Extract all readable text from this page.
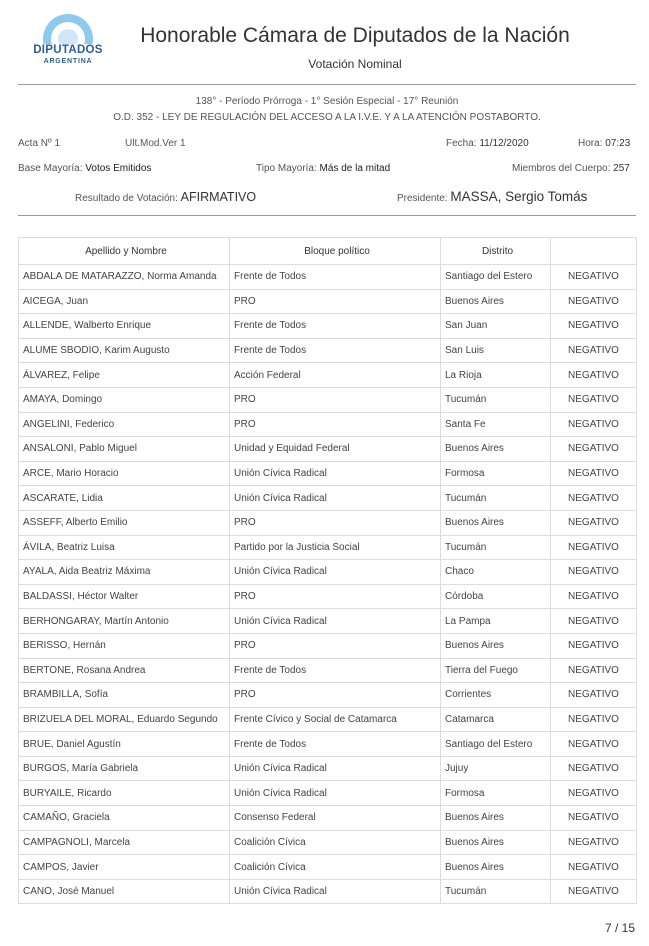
DIPUTADOS
ARGENTINA
Honorable Cámara de Diputados de la Nación
Votación Nominal
138° - Período Prórroga - 1° Sesión Especial - 17° Reunión
O.D. 352 - LEY DE REGULACIÓN DEL ACCESO A LA I.V.E. Y A LA ATENCIÓN POSTABORTO.
Acta Nº 1	Ult.Mod.Ver 1	Fecha: 11/12/2020	Hora: 07:23
Base Mayoría: Votos Emitidos	Tipo Mayoría: Más de la mitad	Miembros del Cuerpo: 257
Resultado de Votación: AFIRMATIVO	Presidente: MASSA, Sergio Tomás
Apellido y Nombre	Bloque político	Distrito	
ABDALA DE MATARAZZO, Norma Amanda	Frente de Todos	Santiago del Estero	NEGATIVO
AICEGA, Juan	PRO	Buenos Aires	NEGATIVO
ALLENDE, Walberto Enrique	Frente de Todos	San Juan	NEGATIVO
ALUME SBODIO, Karim Augusto	Frente de Todos	San Luis	NEGATIVO
ÁLVAREZ, Felipe	Acción Federal	La Rioja	NEGATIVO
AMAYA, Domingo	PRO	Tucumán	NEGATIVO
ANGELINI, Federico	PRO	Santa Fe	NEGATIVO
ANSALONI, Pablo Miguel	Unidad y Equidad Federal	Buenos Aires	NEGATIVO
ARCE, Mario Horacio	Unión Cívica Radical	Formosa	NEGATIVO
ASCARATE, Lidia	Unión Cívica Radical	Tucumán	NEGATIVO
ASSEFF, Alberto Emilio	PRO	Buenos Aires	NEGATIVO
ÁVILA, Beatriz Luisa	Partido por la Justicia Social	Tucumán	NEGATIVO
AYALA, Aida Beatriz Máxima	Unión Cívica Radical	Chaco	NEGATIVO
BALDASSI, Héctor Walter	PRO	Córdoba	NEGATIVO
BERHONGARAY, Martín Antonio	Unión Cívica Radical	La Pampa	NEGATIVO
BERISSO, Hernán	PRO	Buenos Aires	NEGATIVO
BERTONE, Rosana Andrea	Frente de Todos	Tierra del Fuego	NEGATIVO
BRAMBILLA, Sofía	PRO	Corrientes	NEGATIVO
BRIZUELA DEL MORAL, Eduardo Segundo	Frente Cívico y Social de Catamarca	Catamarca	NEGATIVO
BRUE, Daniel Agustín	Frente de Todos	Santiago del Estero	NEGATIVO
BURGOS, María Gabriela	Unión Cívica Radical	Jujuy	NEGATIVO
BURYAILE, Ricardo	Unión Cívica Radical	Formosa	NEGATIVO
CAMAÑO, Graciela	Consenso Federal	Buenos Aires	NEGATIVO
CAMPAGNOLI, Marcela	Coalición Cívica	Buenos Aires	NEGATIVO
CAMPOS, Javier	Coalición Cívica	Buenos Aires	NEGATIVO
CANO, José Manuel	Unión Cívica Radical	Tucumán	NEGATIVO
7 / 15
